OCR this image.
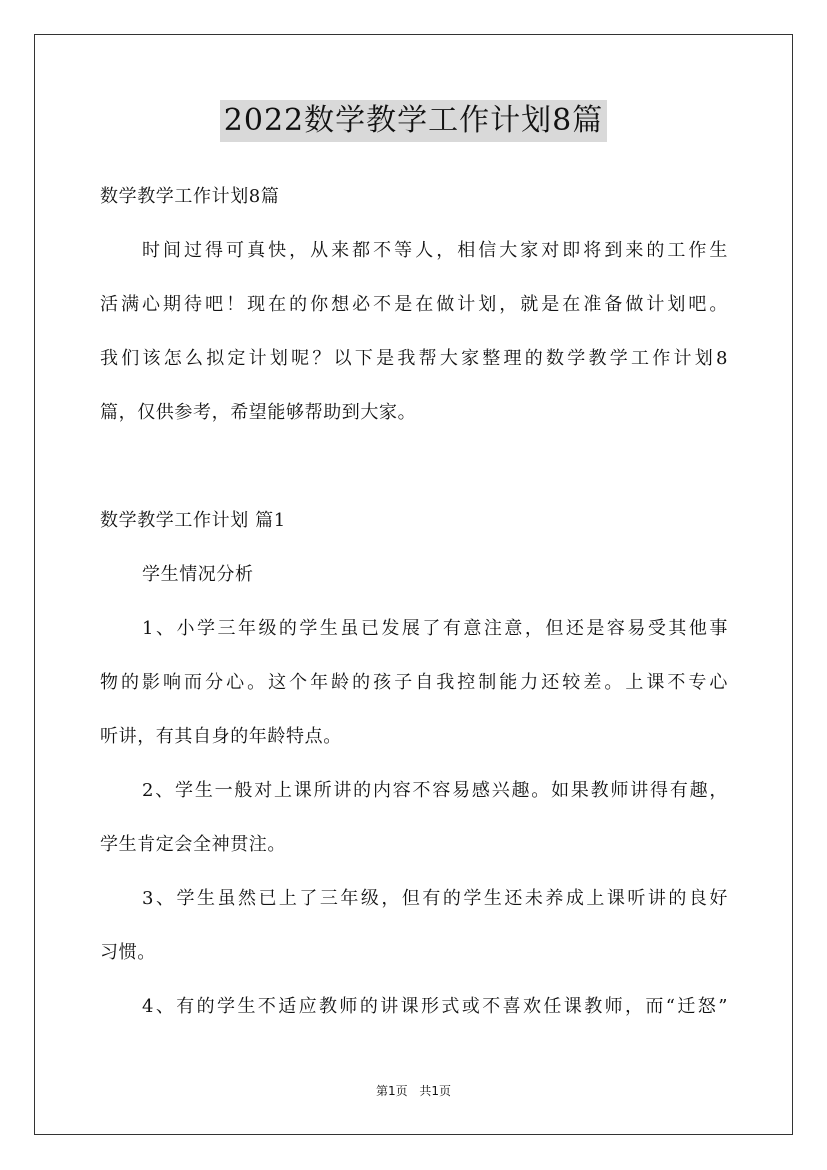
2022数学教学工作计划8篇
数学教学工作计划8篇
时间过得可真快，从来都不等人，相信大家对即将到来的工作生
活满心期待吧！现在的你想必不是在做计划，就是在准备做计划吧。
我们该怎么拟定计划呢？以下是我帮大家整理的数学教学工作计划8
篇，仅供参考，希望能够帮助到大家。
数学教学工作计划 篇1
学生情况分析
1、小学三年级的学生虽已发展了有意注意，但还是容易受其他事
物的影响而分心。这个年龄的孩子自我控制能力还较差。上课不专心
听讲，有其自身的年龄特点。
2、学生一般对上课所讲的内容不容易感兴趣。如果教师讲得有趣，
学生肯定会全神贯注。
3、学生虽然已上了三年级，但有的学生还未养成上课听讲的良好
习惯。
4、有的学生不适应教师的讲课形式或不喜欢任课教师，而“迁怒”
第1页 共1页
